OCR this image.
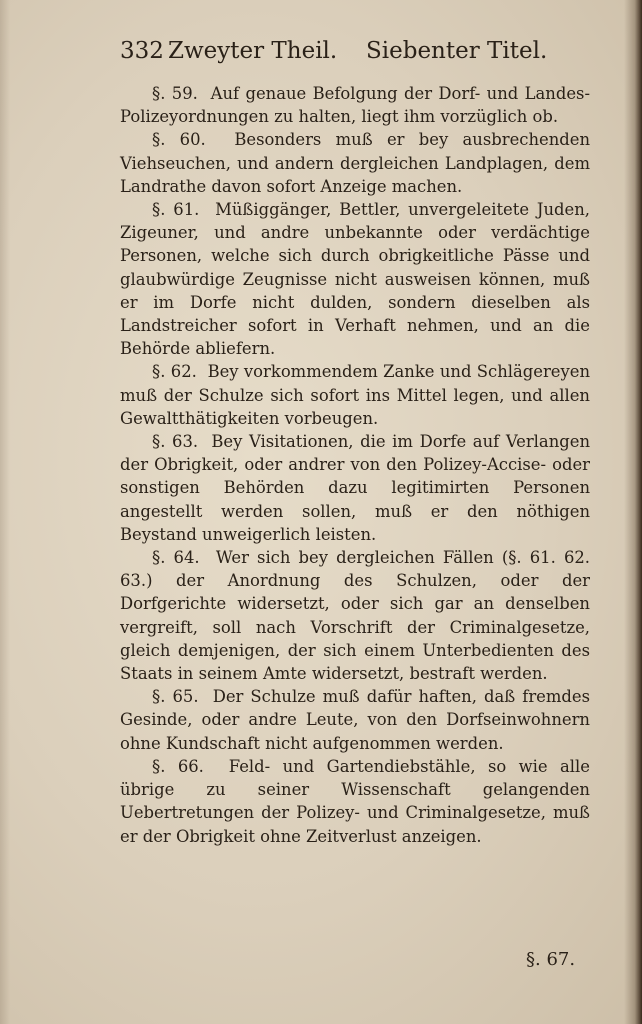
332 Zweyter Theil. Siebenter Titel.

§. 59. Auf genaue Befolgung der Dorf- und Landes-Polizeyordnungen zu halten, liegt ihm vorzüglich ob.

§. 60. Besonders muß er bey ausbrechenden Viehseuchen, und andern dergleichen Landplagen, dem Landrathe davon sofort Anzeige machen.

§. 61. Müßiggänger, Bettler, unvergeleitete Juden, Zigeuner, und andre unbekannte oder verdächtige Personen, welche sich durch obrigkeitliche Pässe und glaubwürdige Zeugnisse nicht ausweisen können, muß er im Dorfe nicht dulden, sondern dieselben als Landstreicher sofort in Verhaft nehmen, und an die Behörde abliefern.

§. 62. Bey vorkommendem Zanke und Schlägereyen muß der Schulze sich sofort ins Mittel legen, und allen Gewaltthätigkeiten vorbeugen.

§. 63. Bey Visitationen, die im Dorfe auf Verlangen der Obrigkeit, oder andrer von den Polizey-Accise- oder sonstigen Behörden dazu legitimirten Personen angestellt werden sollen, muß er den nöthigen Beystand unweigerlich leisten.

§. 64. Wer sich bey dergleichen Fällen (§. 61. 62. 63.) der Anordnung des Schulzen, oder der Dorfgerichte widersetzt, oder sich gar an denselben vergreift, soll nach Vorschrift der Criminalgesetze, gleich demjenigen, der sich einem Unterbedienten des Staats in seinem Amte widersetzt, bestraft werden.

§. 65. Der Schulze muß dafür haften, daß fremdes Gesinde, oder andre Leute, von den Dorfseinwohnern ohne Kundschaft nicht aufgenommen werden.

§. 66. Feld- und Gartendiebstähle, so wie alle übrige zu seiner Wissenschaft gelangenden Uebertretungen der Polizey- und Criminalgesetze, muß er der Obrigkeit ohne Zeitverlust anzeigen.

§. 67.
